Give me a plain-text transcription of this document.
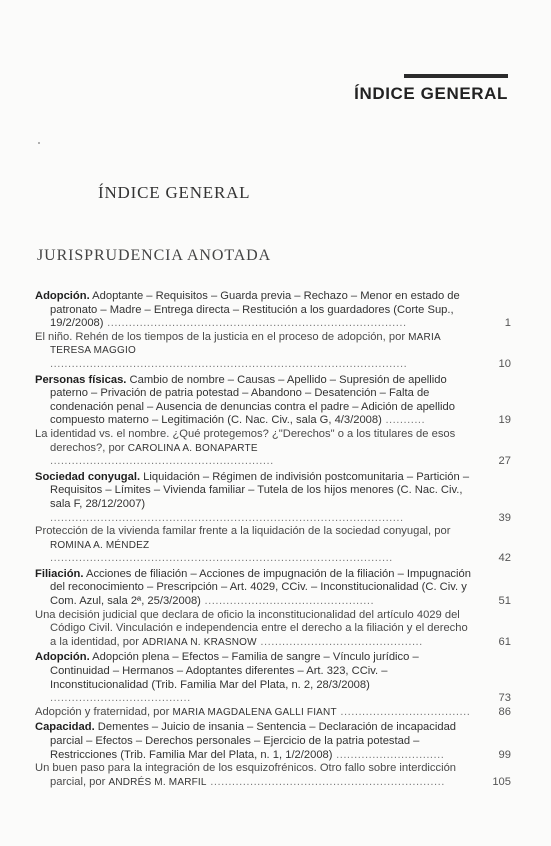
ÍNDICE GENERAL
ÍNDICE GENERAL
JURISPRUDENCIA ANOTADA
Adopción. Adoptante – Requisitos – Guarda previa – Rechazo – Menor en estado de patronato – Madre – Entrega directa – Restitución a los guardadores (Corte Sup., 19/2/2008) ...................................................................................	1
El niño. Rehén de los tiempos de la justicia en el proceso de adopción, por MARIA TERESA MAGGIO ...................................................................................................	10
Personas físicas. Cambio de nombre – Causas – Apellido – Supresión de apellido paterno – Privación de patria potestad – Abandono – Desatención – Falta de condenación penal – Ausencia de denuncias contra el padre – Adición de apellido compuesto materno – Legitimación (C. Nac. Civ., sala G, 4/3/2008) ...........	19
La identidad vs. el nombre. ¿Qué protegemos? ¿"Derechos" o a los titulares de esos derechos?, por CAROLINA A. BONAPARTE ..............................................................	27
Sociedad conyugal. Liquidación – Régimen de indivisión postcomunitaria – Partición – Requisitos – Límites – Vivienda familiar – Tutela de los hijos menores (C. Nac. Civ., sala F, 28/12/2007) ..................................................................................................	39
Protección de la vivienda familar frente a la liquidación de la sociedad conyugal, por ROMINA A. MÉNDEZ ...............................................................................................	42
Filiación. Acciones de filiación – Acciones de impugnación de la filiación – Impugnación del reconocimiento – Prescripción – Art. 4029, CCiv. – Inconstitucionalidad (C. Civ. y Com. Azul, sala 2ª, 25/3/2008) ...............................................	51
Una decisión judicial que declara de oficio la inconstitucionalidad del artículo 4029 del Código Civil. Vinculación e independencia entre el derecho a la filiación y el derecho a la identidad, por ADRIANA N. KRASNOW .............................................	61
Adopción. Adopción plena – Efectos – Familia de sangre – Vínculo jurídico – Continuidad – Hermanos – Adoptantes diferentes – Art. 323, CCiv. – Inconstitucionalidad (Trib. Familia Mar del Plata, n. 2, 28/3/2008) .......................................	73
Adopción y fraternidad, por MARIA MAGDALENA GALLI FIANT ....................................	86
Capacidad. Dementes – Juicio de insania – Sentencia – Declaración de incapacidad parcial – Efectos – Derechos personales – Ejercicio de la patria potestad – Restricciones (Trib. Familia Mar del Plata, n. 1, 1/2/2008) ..............................	99
Un buen paso para la integración de los esquizofrénicos. Otro fallo sobre interdicción parcial, por ANDRÉS M. MARFIL .................................................................	105
